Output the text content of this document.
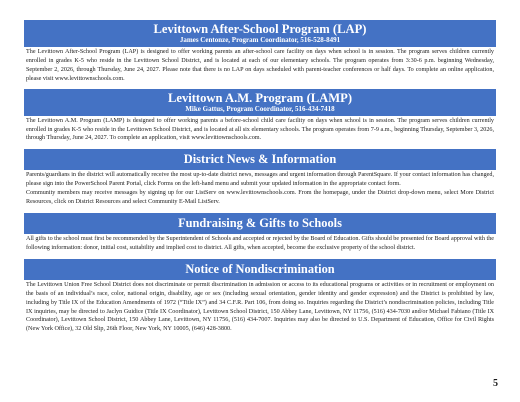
Levittown After-School Program (LAP)
James Centonze, Program Coordinator, 516-528-8491

The Levittown After-School Program (LAP) is designed to offer working parents an after-school care facility on days when school is in session. The program serves children currently enrolled in grades K-5 who reside in the Levittown School District, and is located at each of our elementary schools. The program operates from 3:30-6 p.m. beginning Wednesday, September 2, 2026, through Thursday, June 24, 2027. Please note that there is no LAP on days scheduled with parent-teacher conferences or half days. To complete an online application, please visit www.levittownschools.com.

Levittown A.M. Program (LAMP)
Mike Gattus, Program Coordinator, 516-434-7418

The Levittown A.M. Program (LAMP) is designed to offer working parents a before-school child care facility on days when school is in session. The program serves children currently enrolled in grades K-5 who reside in the Levittown School District, and is located at all six elementary schools. The program operates from 7-9 a.m., beginning Thursday, September 3, 2026, through Thursday, June 24, 2027. To complete an application, visit www.levittownschools.com.

District News & Information

Parents/guardians in the district will automatically receive the most up-to-date district news, messages and urgent information through ParentSquare. If your contact information has changed, please sign into the PowerSchool Parent Portal, click Forms on the left-hand menu and submit your updated information in the appropriate contact form.

Community members may receive messages by signing up for our ListServ on www.levittownschools.com. From the homepage, under the District drop-down menu, select More District Resources, click on District Resources and select Community E-Mail ListServ.

Fundraising & Gifts to Schools

All gifts to the school must first be recommended by the Superintendent of Schools and accepted or rejected by the Board of Education. Gifts should be presented for Board approval with the following information: donor, initial cost, suitability and implied cost to district. All gifts, when accepted, become the exclusive property of the school district.

Notice of Nondiscrimination

The Levittown Union Free School District does not discriminate or permit discrimination in admission or access to its educational programs or activities or in recruitment or employment on the basis of an individual’s race, color, national origin, disability, age or sex (including sexual orientation, gender identity and gender expression) and the District is prohibited by law, including by Title IX of the Education Amendments of 1972 (“Title IX”) and 34 C.F.R. Part 106, from doing so. Inquiries regarding the District’s nondiscrimination policies, including Title IX inquiries, may be directed to Jaclyn Guidice (Title IX Coordinator), Levittown School District, 150 Abbey Lane, Levittown, NY 11756, (516) 434-7030 and/or Michael Fabiano (Title IX Coordinator), Levittown School District, 150 Abbey Lane, Levittown, NY 11756, (516) 434-7007. Inquiries may also be directed to U.S. Department of Education, Office for Civil Rights (New York Office), 32 Old Slip, 26th Floor, New York, NY 10005, (646) 428-3800.

5
